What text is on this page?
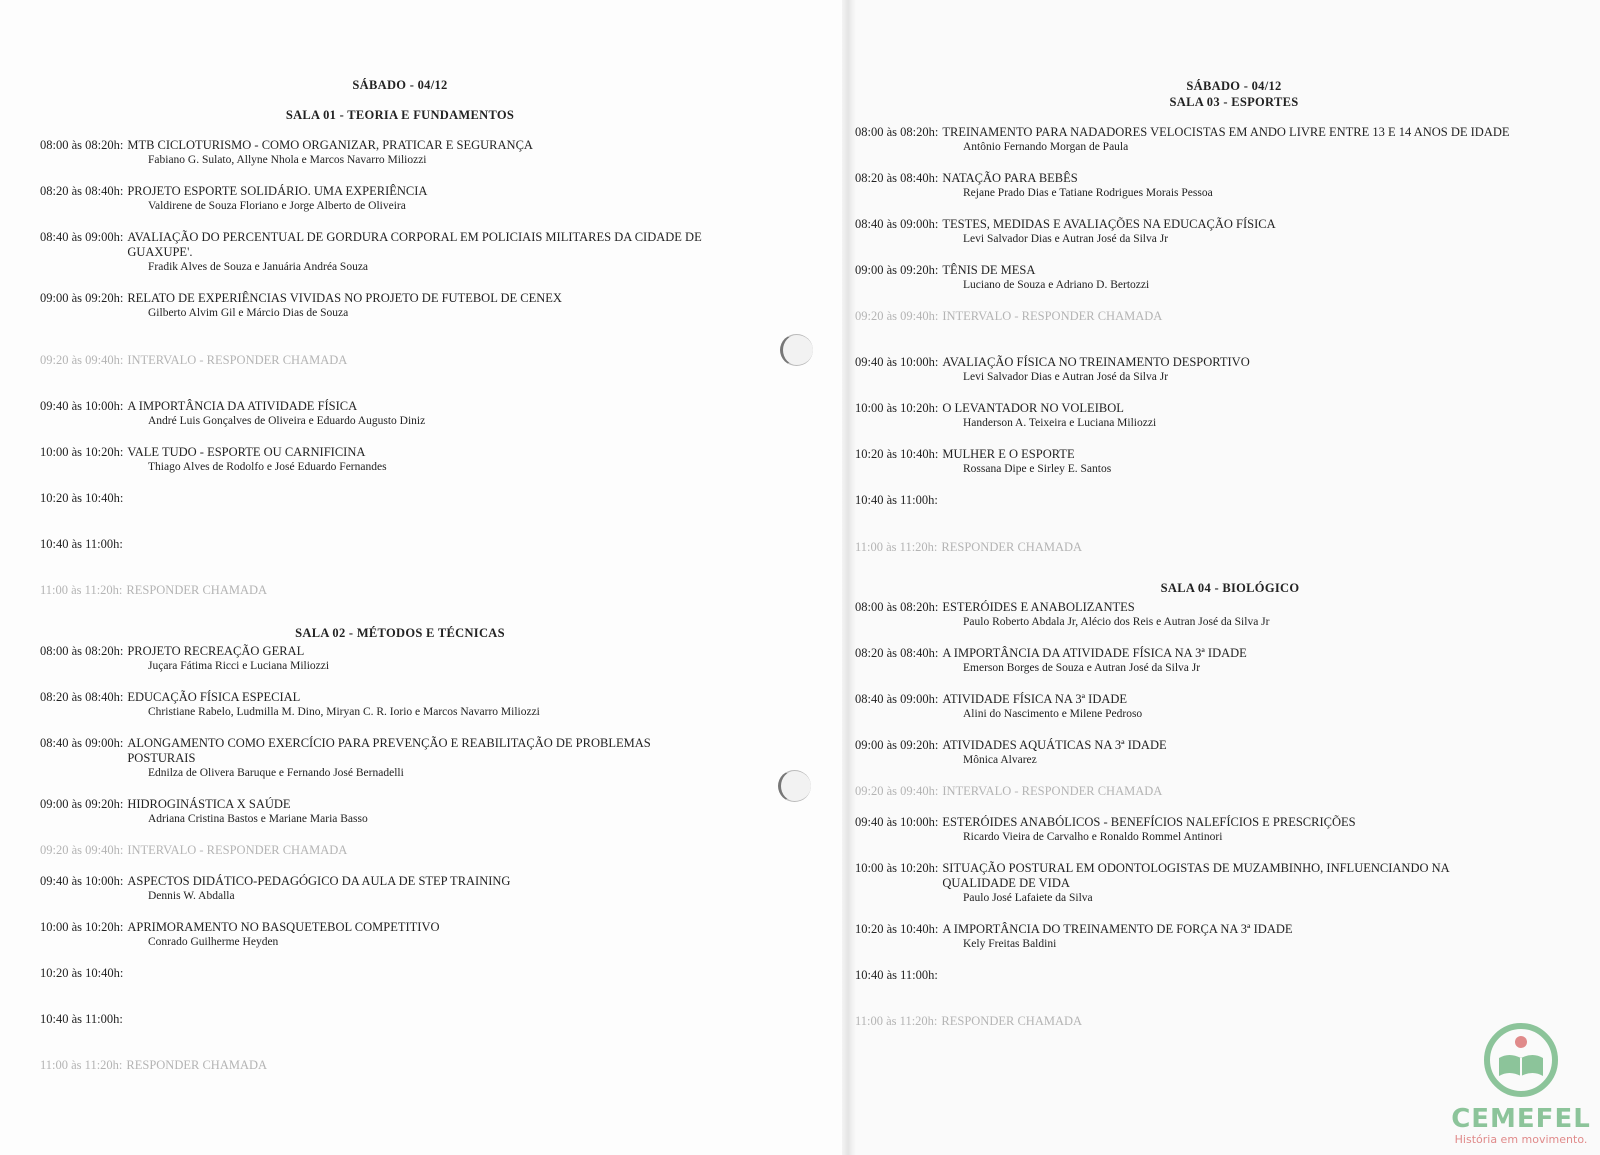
SÁBADO - 04/12
SALA 01 - TEORIA E FUNDAMENTOS
08:00 às 08:20h: MTB CICLOTURISMO - COMO ORGANIZAR, PRATICAR E SEGURANÇA
Fabiano G. Sulato, Allyne Nhola e Marcos Navarro Miliozzi
08:20 às 08:40h: PROJETO ESPORTE SOLIDÁRIO. UMA EXPERIÊNCIA
Valdirene de Souza Floriano e Jorge Alberto de Oliveira
08:40 às 09:00h: AVALIAÇÃO DO PERCENTUAL DE GORDURA CORPORAL EM POLICIAIS MILITARES DA CIDADE DE GUAXUPE'.
Fradik Alves de Souza e Januária Andréa Souza
09:00 às 09:20h: RELATO DE EXPERIÊNCIAS VIVIDAS NO PROJETO DE FUTEBOL DE CENEX
Gilberto Alvim Gil e Márcio Dias de Souza
09:20 às 09:40h: INTERVALO - RESPONDER CHAMADA
09:40 às 10:00h: A IMPORTÂNCIA DA ATIVIDADE FÍSICA
André Luis Gonçalves de Oliveira e Eduardo Augusto Diniz
10:00 às 10:20h: VALE TUDO - ESPORTE OU CARNIFICINA
Thiago Alves de Rodolfo e José Eduardo Fernandes
10:20 às 10:40h:
10:40 às 11:00h:
11:00 às 11:20h: RESPONDER CHAMADA
SALA 02 - MÉTODOS E TÉCNICAS
08:00 às 08:20h: PROJETO RECREAÇÃO GERAL
Juçara Fátima Ricci e Luciana Miliozzi
08:20 às 08:40h: EDUCAÇÃO FÍSICA ESPECIAL
Christiane Rabelo, Ludmilla M. Dino, Miryan C. R. Iorio e Marcos Navarro Miliozzi
08:40 às 09:00h: ALONGAMENTO COMO EXERCÍCIO PARA PREVENÇÃO E REABILITAÇÃO DE PROBLEMAS POSTURAIS
Ednilza de Olivera Baruque e Fernando José Bernadelli
09:00 às 09:20h: HIDROGINÁSTICA X SAÚDE
Adriana Cristina Bastos e Mariane Maria Basso
09:20 às 09:40h: INTERVALO - RESPONDER CHAMADA
09:40 às 10:00h: ASPECTOS DIDÁTICO-PEDAGÓGICO DA AULA DE STEP TRAINING
Dennis W. Abdalla
10:00 às 10:20h: APRIMORAMENTO NO BASQUETEBOL COMPETITIVO
Conrado Guilherme Heyden
10:20 às 10:40h:
10:40 às 11:00h:
11:00 às 11:20h: RESPONDER CHAMADA
SÁBADO - 04/12
SALA 03 - ESPORTES
08:00 às 08:20h: TREINAMENTO PARA NADADORES VELOCISTAS EM ANDO LIVRE ENTRE 13 E 14 ANOS DE IDADE
Antônio Fernando Morgan de Paula
08:20 às 08:40h: NATAÇÃO PARA BEBÊS
Rejane Prado Dias e Tatiane Rodrigues Morais Pessoa
08:40 às 09:00h: TESTES, MEDIDAS E AVALIAÇÕES NA EDUCAÇÃO FÍSICA
Levi Salvador Dias e Autran José da Silva Jr
09:00 às 09:20h: TÊNIS DE MESA
Luciano de Souza e Adriano D. Bertozzi
09:20 às 09:40h: INTERVALO - RESPONDER CHAMADA
09:40 às 10:00h: AVALIAÇÃO FÍSICA NO TREINAMENTO DESPORTIVO
Levi Salvador Dias e Autran José da Silva Jr
10:00 às 10:20h: O LEVANTADOR NO VOLEIBOL
Handerson A. Teixeira e Luciana Miliozzi
10:20 às 10:40h: MULHER E O ESPORTE
Rossana Dipe e Sirley E. Santos
10:40 às 11:00h:
11:00 às 11:20h: RESPONDER CHAMADA
SALA 04 - BIOLÓGICO
08:00 às 08:20h: ESTERÓIDES E ANABOLIZANTES
Paulo Roberto Abdala Jr, Alécio dos Reis e Autran José da Silva Jr
08:20 às 08:40h: A IMPORTÂNCIA DA ATIVIDADE FÍSICA NA 3ª IDADE
Emerson Borges de Souza e Autran José da Silva Jr
08:40 às 09:00h: ATIVIDADE FÍSICA NA 3ª IDADE
Alini do Nascimento e Milene Pedroso
09:00 às 09:20h: ATIVIDADES AQUÁTICAS NA 3ª IDADE
Mônica Alvarez
09:20 às 09:40h: INTERVALO - RESPONDER CHAMADA
09:40 às 10:00h: ESTERÓIDES ANABÓLICOS - BENEFÍCIOS NALEFÍCIOS E PRESCRIÇÕES
Ricardo Vieira de Carvalho e Ronaldo Rommel Antinori
10:00 às 10:20h: SITUAÇÃO POSTURAL EM ODONTOLOGISTAS DE MUZAMBINHO, INFLUENCIANDO NA QUALIDADE DE VIDA
Paulo José Lafaiete da Silva
10:20 às 10:40h: A IMPORTÂNCIA DO TREINAMENTO DE FORÇA NA 3ª IDADE
Kely Freitas Baldini
10:40 às 11:00h:
11:00 às 11:20h: RESPONDER CHAMADA
CEMEFEL
História em movimento.
